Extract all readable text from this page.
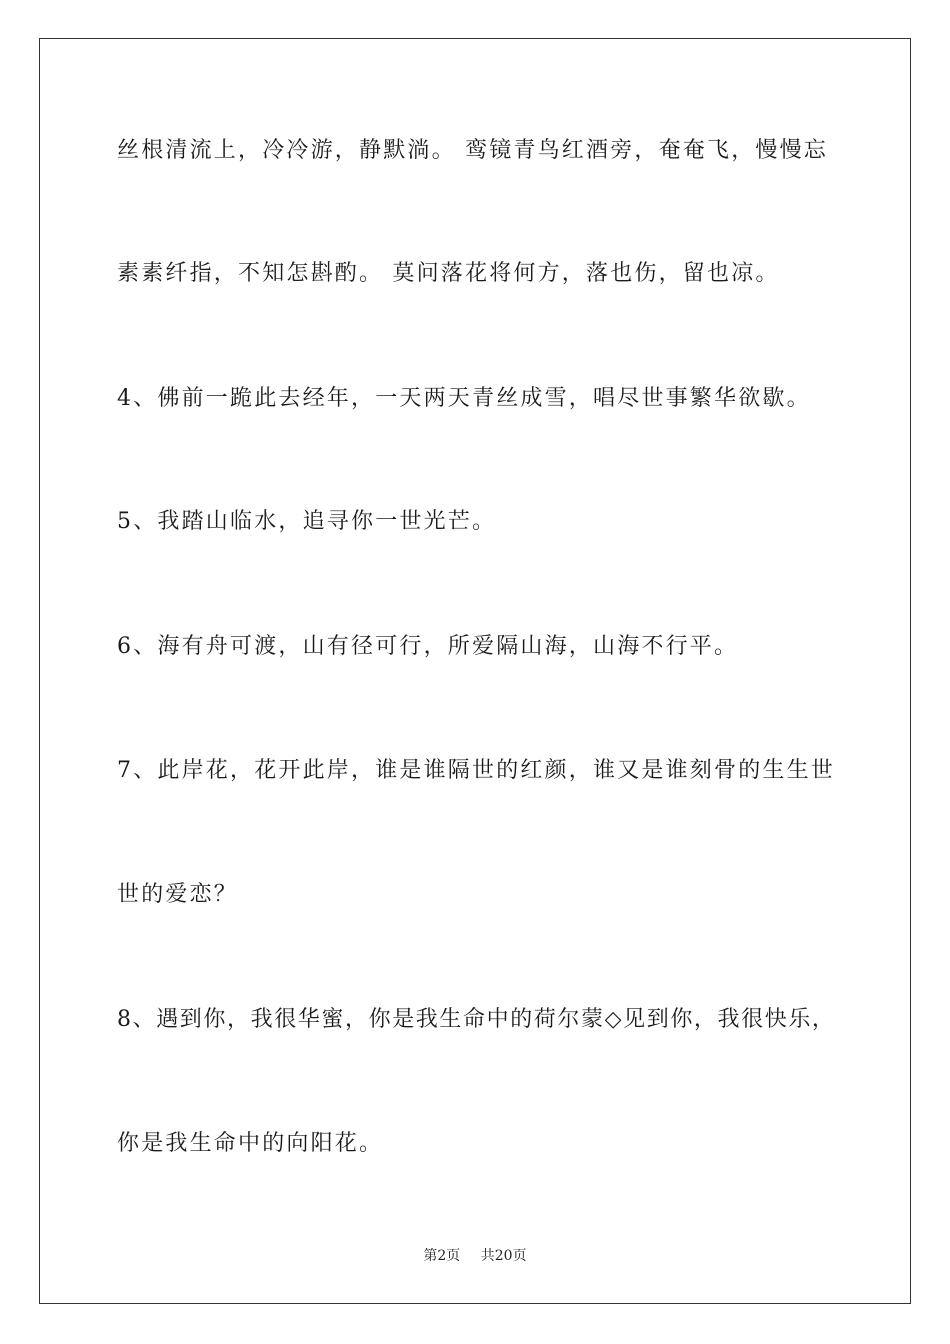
丝根清流上，冷冷游，静默淌。 鸾镜青鸟红酒旁，奄奄飞，慢慢忘
素素纤指，不知怎斟酌。 莫问落花将何方，落也伤，留也凉。
4、佛前一跪此去经年，一天两天青丝成雪，唱尽世事繁华欲歇。
5、我踏山临水，追寻你一世光芒。
6、海有舟可渡，山有径可行，所爱隔山海，山海不行平。
7、此岸花，花开此岸，谁是谁隔世的红颜，谁又是谁刻骨的生生世
世的爱恋？
8、遇到你，我很华蜜，你是我生命中的荷尔蒙◇见到你，我很快乐，
你是我生命中的向阳花。
第2页 共20页
